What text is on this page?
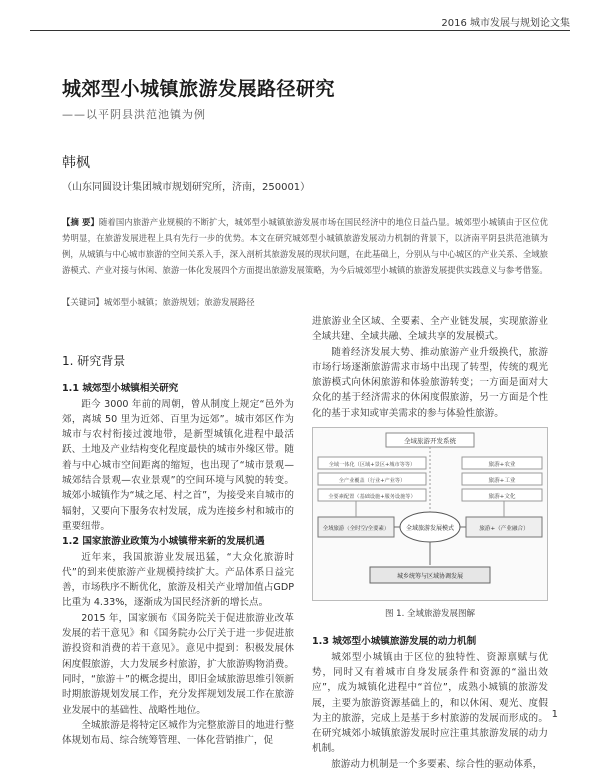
2016 城市发展与规划论文集
城郊型小城镇旅游发展路径研究
——以平阴县洪范池镇为例
韩枫
（山东同圆设计集团城市规划研究所，济南，250001）
【摘 要】随着国内旅游产业规模的不断扩大，城郊型小城镇旅游发展市场在国民经济中的地位日益凸显。城郊型小城镇由于区位优势明显，在旅游发展进程上具有先行一步的优势。本文在研究城郊型小城镇旅游发展动力机制的背景下，以济南平阴县洪范池镇为例，从城镇与中心城市旅游的空间关系入手，深入剖析其旅游发展的现状问题，在此基础上，分别从与中心城区的产业关系、全域旅游模式、产业对接与休闲、旅游一体化发展四个方面提出旅游发展策略，为今后城郊型小城镇的旅游发展提供实践意义与参考借鉴。
【关键词】城郊型小城镇；旅游规划；旅游发展路径
1. 研究背景

1.1 城郊型小城镇相关研究

距今 3000 年前的周朝，曾从制度上规定“邑外为郊，离城 50 里为近郊、百里为远郊”。城市郊区作为城市与农村衔接过渡地带，是新型城镇化进程中最活跃、土地及产业结构变化程度最快的城市外缘区带。随着与中心城市空间距离的缩短，也出现了“城市景观—城郊结合景观—农业景观”的空间环境与风貌的转变。城郊小城镇作为“城之尾、村之首”，为接受来自城市的辐射，又要向下服务农村发展，成为连接乡村和城市的重要纽带。

1.2 国家旅游业政策为小城镇带来新的发展机遇

近年来，我国旅游业发展迅猛，“大众化旅游时代”的到来使旅游产业规模持续扩大。产品体系日益完善，市场秩序不断优化，旅游及相关产业增加值占GDP 比重为 4.33%，逐渐成为国民经济新的增长点。

2015 年，国家颁布《国务院关于促进旅游业改革发展的若干意见》和《国务院办公厅关于进一步促进旅游投资和消费的若干意见》。意见中提到：积极发展休闲度假旅游，大力发展乡村旅游，扩大旅游购物消费。同时，“旅游＋”的概念提出，即旧金域旅游思维引领新时期旅游规划发展工作，充分发挥规划发展工作在旅游业发展中的基础性、战略性地位。

全城旅游是将特定区城作为完整旅游目的地进行整体规划布局、综合统筹管理、一体化营销推广，促

进旅游业全区域、全要素、全产业链发展，实现旅游业全域共建、全域共融、全域共享的发展模式。

随着经济发展大势、推动旅游产业升级换代，旅游市场行场逐渐旅游需求市场中出现了转型，传统的观光旅游模式向休闲旅游和体验旅游转变；一方面是面对大众化的基于经济需求的休闲度假旅游，另一方面是个性化的基于求知或审美需求的参与体验性旅游。

全域旅游开发系统
全域一体化（区域+景区+城市等等）
全产业覆盖（行业+产业等）
全要素配置（基础设施+服务设施等）
旅游+农业
旅游+工业
旅游+文化
全域旅游（全时空/全要素）	全域旅游发展模式	旅游+（产业融合）
城乡统筹与区域协调发展
图 1. 全域旅游发展图解

1.3 城郊型小城镇旅游发展的动力机制

城郊型小城镇由于区位的独特性、资源禀赋与优势，同时又有着城市自身发展条件和资源的“溢出效应”，成为城镇化进程中“首位”，成熟小城镇的旅游发展，主要为旅游资源基础上的，和以休闲、观光、度假为主的旅游，完成上是基于乡村旅游的发展而形成的。在研究城郊小城镇旅游发展时应注重其旅游发展的动力机制。

旅游动力机制是一个多要素、综合性的驱动体系，

1
